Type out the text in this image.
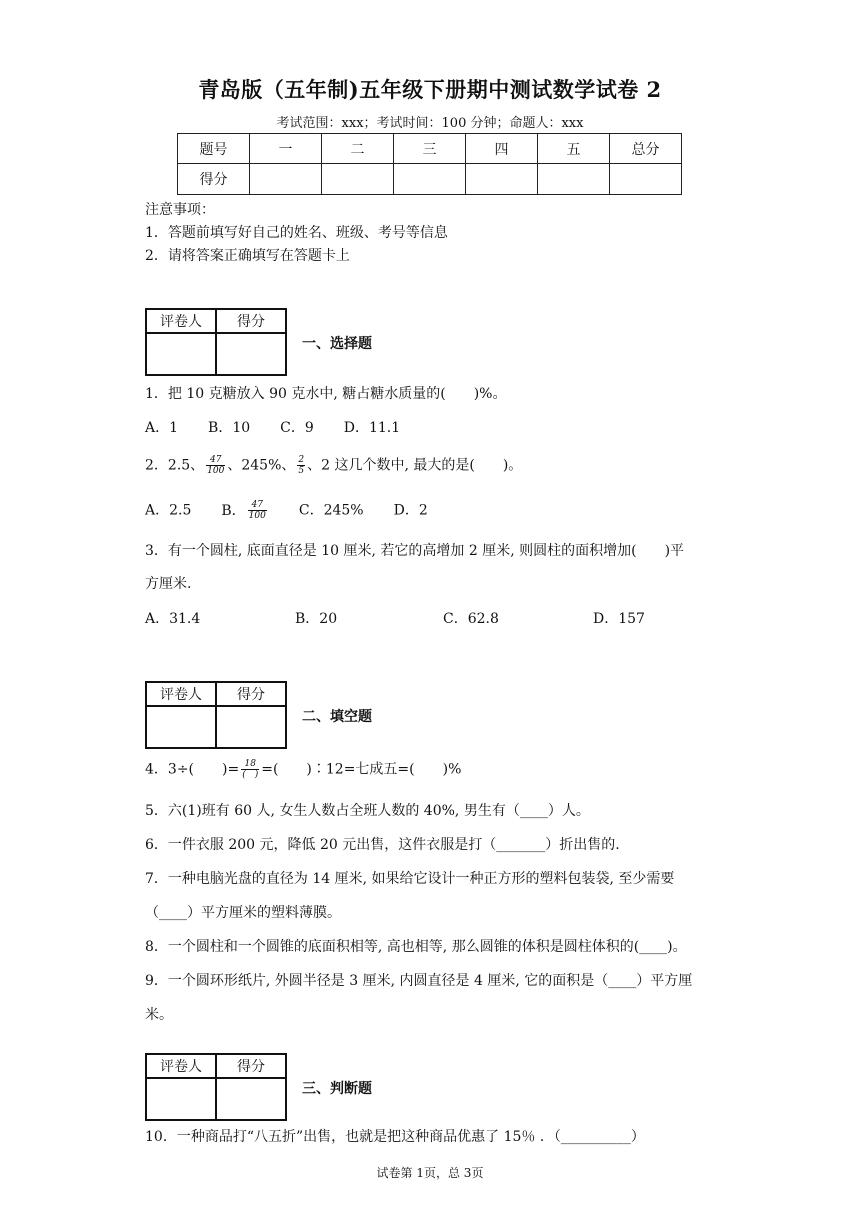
青岛版（五年制)五年级下册期中测试数学试卷 2
考试范围：xxx；考试时间：100 分钟；命题人：xxx
题号	一	二	三	四	五	总分
得分						
注意事项：
1．答题前填写好自己的姓名、班级、考号等信息
2．请将答案正确填写在答题卡上
评卷人	得分

一、选择题
1．把 10 克糖放入 90 克水中, 糖占糖水质量的(　　)%。
A．1 B．10 C．9 D．11.1
2．2.5、 $\frac{47}{100}$ 、245%、 $\frac{2}{5}$ 、2 这几个数中, 最大的是(　　)。
A．2.5 B． $\frac{47}{100}$ C．245% D．2
3．有一个圆柱, 底面直径是 10 厘米, 若它的高增加 2 厘米, 则圆柱的面积增加(　　)平
方厘米.
A．31.4	B．20	C．62.8	D．157
评卷人	得分

二、填空题
4．3÷(　　)= $\frac{18}{( )}$ =(　　)∶12=七成五=(　　)%
5．六(1)班有 60 人, 女生人数占全班人数的 40%, 男生有（____）人。
6．一件衣服 200 元，降低 20 元出售，这件衣服是打（_______）折出售的.
7．一种电脑光盘的直径为 14 厘米, 如果给它设计一种正方形的塑料包装袋, 至少需要
（____）平方厘米的塑料薄膜。
8．一个圆柱和一个圆锥的底面积相等, 高也相等, 那么圆锥的体积是圆柱体积的(____)。
9．一个圆环形纸片, 外圆半径是 3 厘米, 内圆直径是 4 厘米, 它的面积是（____）平方厘
米。
评卷人	得分

三、判断题
10．一种商品打“八五折”出售，也就是把这种商品优惠了 15％ ．（__________）
试卷第 1页，总 3页
